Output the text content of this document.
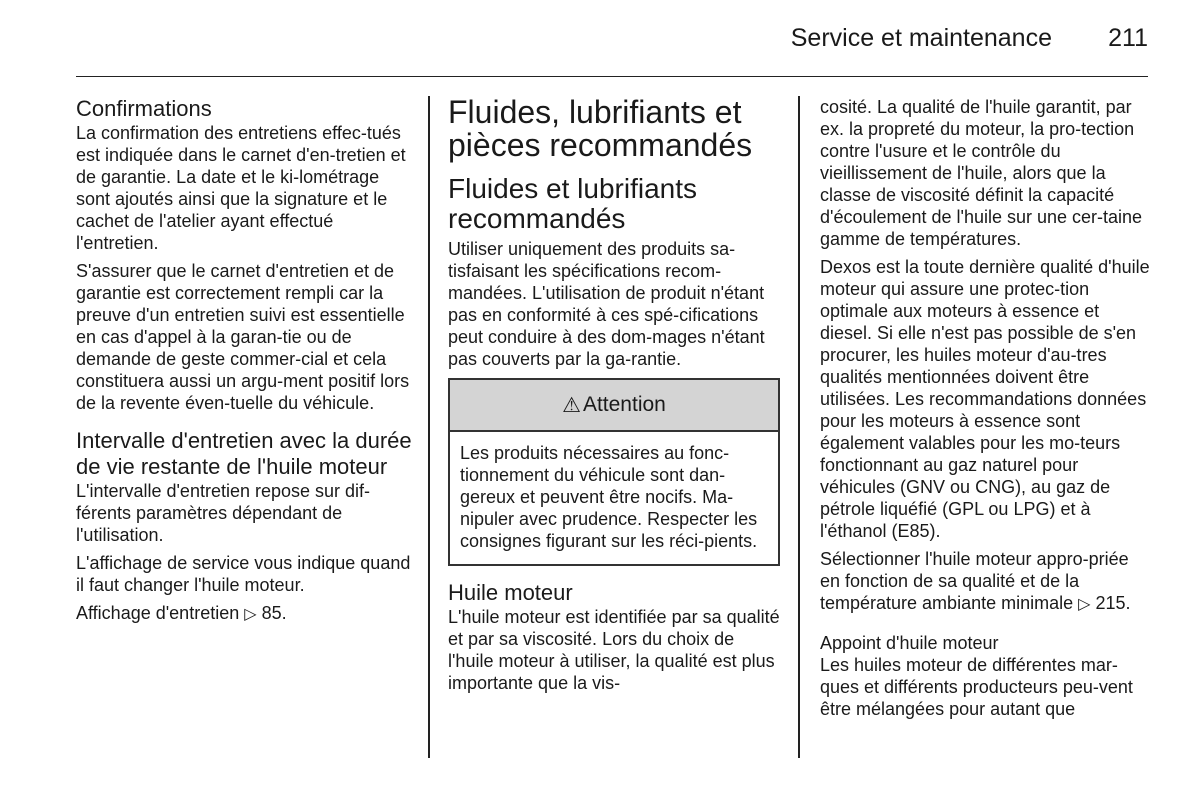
Service et maintenance 211
Confirmations

La confirmation des entretiens effec-tués est indiquée dans le carnet d'en-tretien et de garantie. La date et le ki-lométrage sont ajoutés ainsi que la signature et le cachet de l'atelier ayant effectué l'entretien.

S'assurer que le carnet d'entretien et de garantie est correctement rempli car la preuve d'un entretien suivi est essentielle en cas d'appel à la garan-tie ou de demande de geste commer-cial et cela constituera aussi un argu-ment positif lors de la revente éven-tuelle du véhicule.

Intervalle d'entretien avec la durée de vie restante de l'huile moteur

L'intervalle d'entretien repose sur dif-férents paramètres dépendant de l'utilisation.

L'affichage de service vous indique quand il faut changer l'huile moteur.

Affichage d'entretien ▷ 85.

Fluides, lubrifiants et pièces recommandés
Fluides et lubrifiants recommandés

Utiliser uniquement des produits sa-tisfaisant les spécifications recom-mandées. L'utilisation de produit n'étant pas en conformité à ces spé-cifications peut conduire à des dom-mages n'étant pas couverts par la ga-rantie.

⚠ Attention

Les produits nécessaires au fonc-tionnement du véhicule sont dan-gereux et peuvent être nocifs. Ma-nipuler avec prudence. Respecter les consignes figurant sur les réci-pients.

Huile moteur

L'huile moteur est identifiée par sa qualité et par sa viscosité. Lors du choix de l'huile moteur à utiliser, la qualité est plus importante que la vis-

cosité. La qualité de l'huile garantit, par ex. la propreté du moteur, la pro-tection contre l'usure et le contrôle du vieillissement de l'huile, alors que la classe de viscosité définit la capacité d'écoulement de l'huile sur une cer-taine gamme de températures.

Dexos est la toute dernière qualité d'huile moteur qui assure une protec-tion optimale aux moteurs à essence et diesel. Si elle n'est pas possible de s'en procurer, les huiles moteur d'au-tres qualités mentionnées doivent être utilisées. Les recommandations données pour les moteurs à essence sont également valables pour les mo-teurs fonctionnant au gaz naturel pour véhicules (GNV ou CNG), au gaz de pétrole liquéfié (GPL ou LPG) et à l'éthanol (E85).

Sélectionner l'huile moteur appro-priée en fonction de sa qualité et de la température ambiante minimale ▷ 215.

Appoint d'huile moteur

Les huiles moteur de différentes mar-ques et différents producteurs peu-vent être mélangées pour autant que
